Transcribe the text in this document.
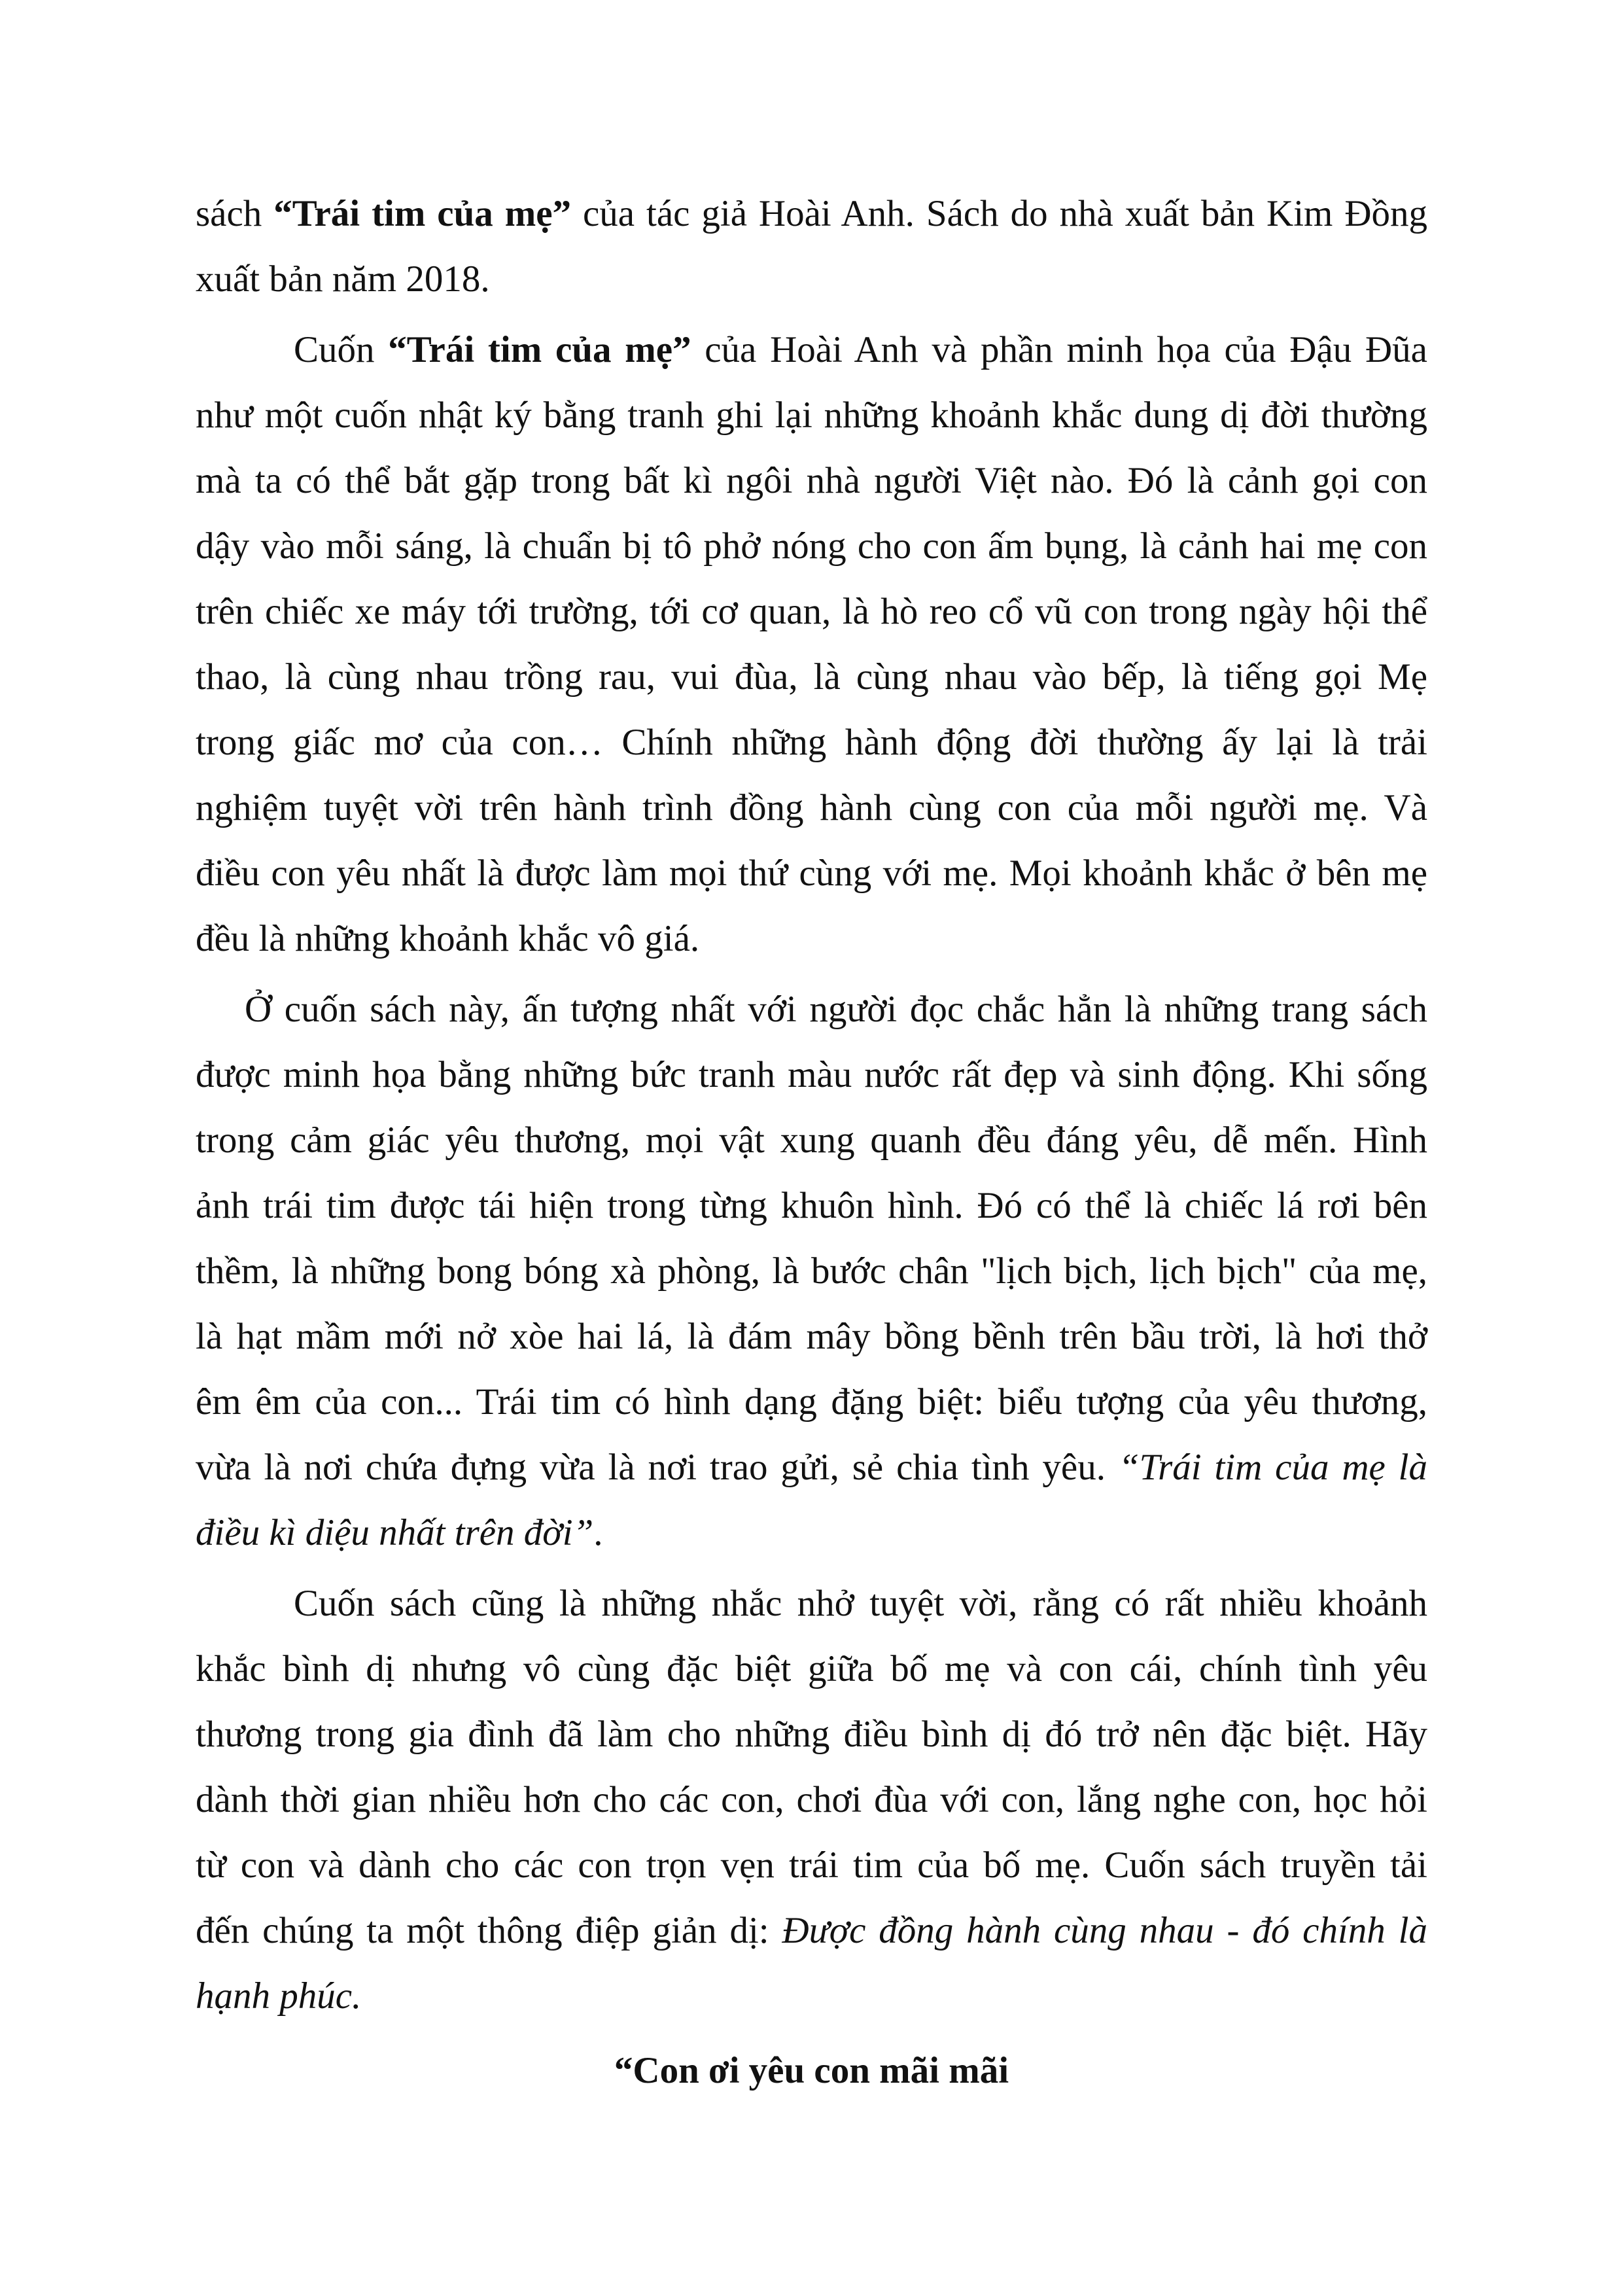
sách “Trái tim của mẹ” của tác giả Hoài Anh. Sách do nhà xuất bản Kim Đồng
xuất bản năm 2018.
Cuốn “Trái tim của mẹ” của Hoài Anh và phần minh họa của Đậu Đũa
như một cuốn nhật ký bằng tranh ghi lại những khoảnh khắc dung dị đời thường
mà ta có thể bắt gặp trong bất kì ngôi nhà người Việt nào. Đó là cảnh gọi con
dậy vào mỗi sáng, là chuẩn bị tô phở nóng cho con ấm bụng, là cảnh hai mẹ con
trên chiếc xe máy tới trường, tới cơ quan, là hò reo cổ vũ con trong ngày hội thể
thao, là cùng nhau trồng rau, vui đùa, là cùng nhau vào bếp, là tiếng gọi Mẹ
trong giấc mơ của con… Chính những hành động đời thường ấy lại là trải
nghiệm tuyệt vời trên hành trình đồng hành cùng con của mỗi người mẹ. Và
điều con yêu nhất là được làm mọi thứ cùng với mẹ. Mọi khoảnh khắc ở bên mẹ
đều là những khoảnh khắc vô giá.
Ở cuốn sách này, ấn tượng nhất với người đọc chắc hẳn là những trang sách
được minh họa bằng những bức tranh màu nước rất đẹp và sinh động. Khi sống
trong cảm giác yêu thương, mọi vật xung quanh đều đáng yêu, dễ mến. Hình
ảnh trái tim được tái hiện trong từng khuôn hình. Đó có thể là chiếc lá rơi bên
thềm, là những bong bóng xà phòng, là bước chân "lịch bịch, lịch bịch" của mẹ,
là hạt mầm mới nở xòe hai lá, là đám mây bồng bềnh trên bầu trời, là hơi thở
êm êm của con... Trái tim có hình dạng đặng biệt: biểu tượng của yêu thương,
vừa là nơi chứa đựng vừa là nơi trao gửi, sẻ chia tình yêu. “Trái tim của mẹ là
điều kì diệu nhất trên đời”.
Cuốn sách cũng là những nhắc nhở tuyệt vời, rằng có rất nhiều khoảnh
khắc bình dị nhưng vô cùng đặc biệt giữa bố mẹ và con cái, chính tình yêu
thương trong gia đình đã làm cho những điều bình dị đó trở nên đặc biệt. Hãy
dành thời gian nhiều hơn cho các con, chơi đùa với con, lắng nghe con, học hỏi
từ con và dành cho các con trọn vẹn trái tim của bố mẹ. Cuốn sách truyền tải
đến chúng ta một thông điệp giản dị: Được đồng hành cùng nhau - đó chính là
hạnh phúc.
“Con ơi yêu con mãi mãi
